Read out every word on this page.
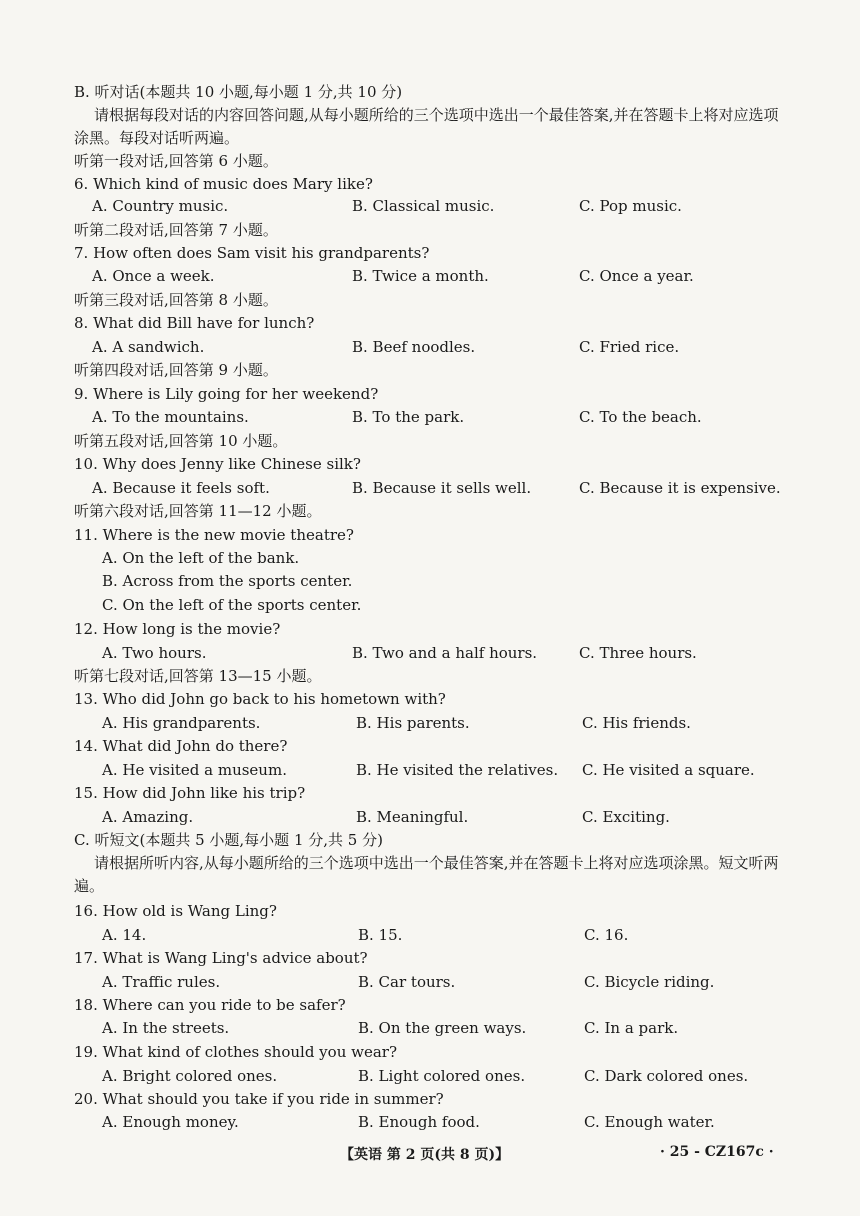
B. 听对话(本题共 10 小题,每小题 1 分,共 10 分)
请根据每段对话的内容回答问题,从每小题所给的三个选项中选出一个最佳答案,并在答题卡上将对应选项涂黑。每段对话听两遍。
听第一段对话,回答第 6 小题。
6. Which kind of music does Mary like?
A. Country music.	B. Classical music.	C. Pop music.
听第二段对话,回答第 7 小题。
7. How often does Sam visit his grandparents?
A. Once a week.	B. Twice a month.	C. Once a year.
听第三段对话,回答第 8 小题。
8. What did Bill have for lunch?
A. A sandwich.	B. Beef noodles.	C. Fried rice.
听第四段对话,回答第 9 小题。
9. Where is Lily going for her weekend?
A. To the mountains.	B. To the park.	C. To the beach.
听第五段对话,回答第 10 小题。
10. Why does Jenny like Chinese silk?
A. Because it feels soft.	B. Because it sells well.	C. Because it is expensive.
听第六段对话,回答第 11—12 小题。
11. Where is the new movie theatre?
A. On the left of the bank.
B. Across from the sports center.
C. On the left of the sports center.
12. How long is the movie?
A. Two hours.	B. Two and a half hours.	C. Three hours.
听第七段对话,回答第 13—15 小题。
13. Who did John go back to his hometown with?
A. His grandparents.	B. His parents.	C. His friends.
14. What did John do there?
A. He visited a museum.	B. He visited the relatives. C. He visited a square.
15. How did John like his trip?
A. Amazing.	B. Meaningful.	C. Exciting.
C. 听短文(本题共 5 小题,每小题 1 分,共 5 分)
请根据所听内容,从每小题所给的三个选项中选出一个最佳答案,并在答题卡上将对应选项涂黑。短文听两遍。
16. How old is Wang Ling?
A. 14.	B. 15.	C. 16.
17. What is Wang Ling's advice about?
A. Traffic rules.	B. Car tours.	C. Bicycle riding.
18. Where can you ride to be safer?
A. In the streets.	B. On the green ways.	C. In a park.
19. What kind of clothes should you wear?
A. Bright colored ones.	B. Light colored ones.	C. Dark colored ones.
20. What should you take if you ride in summer?
A. Enough money.	B. Enough food.	C. Enough water.
【英语 第 2 页(共 8 页)】	· 25 - CZ167c ·
